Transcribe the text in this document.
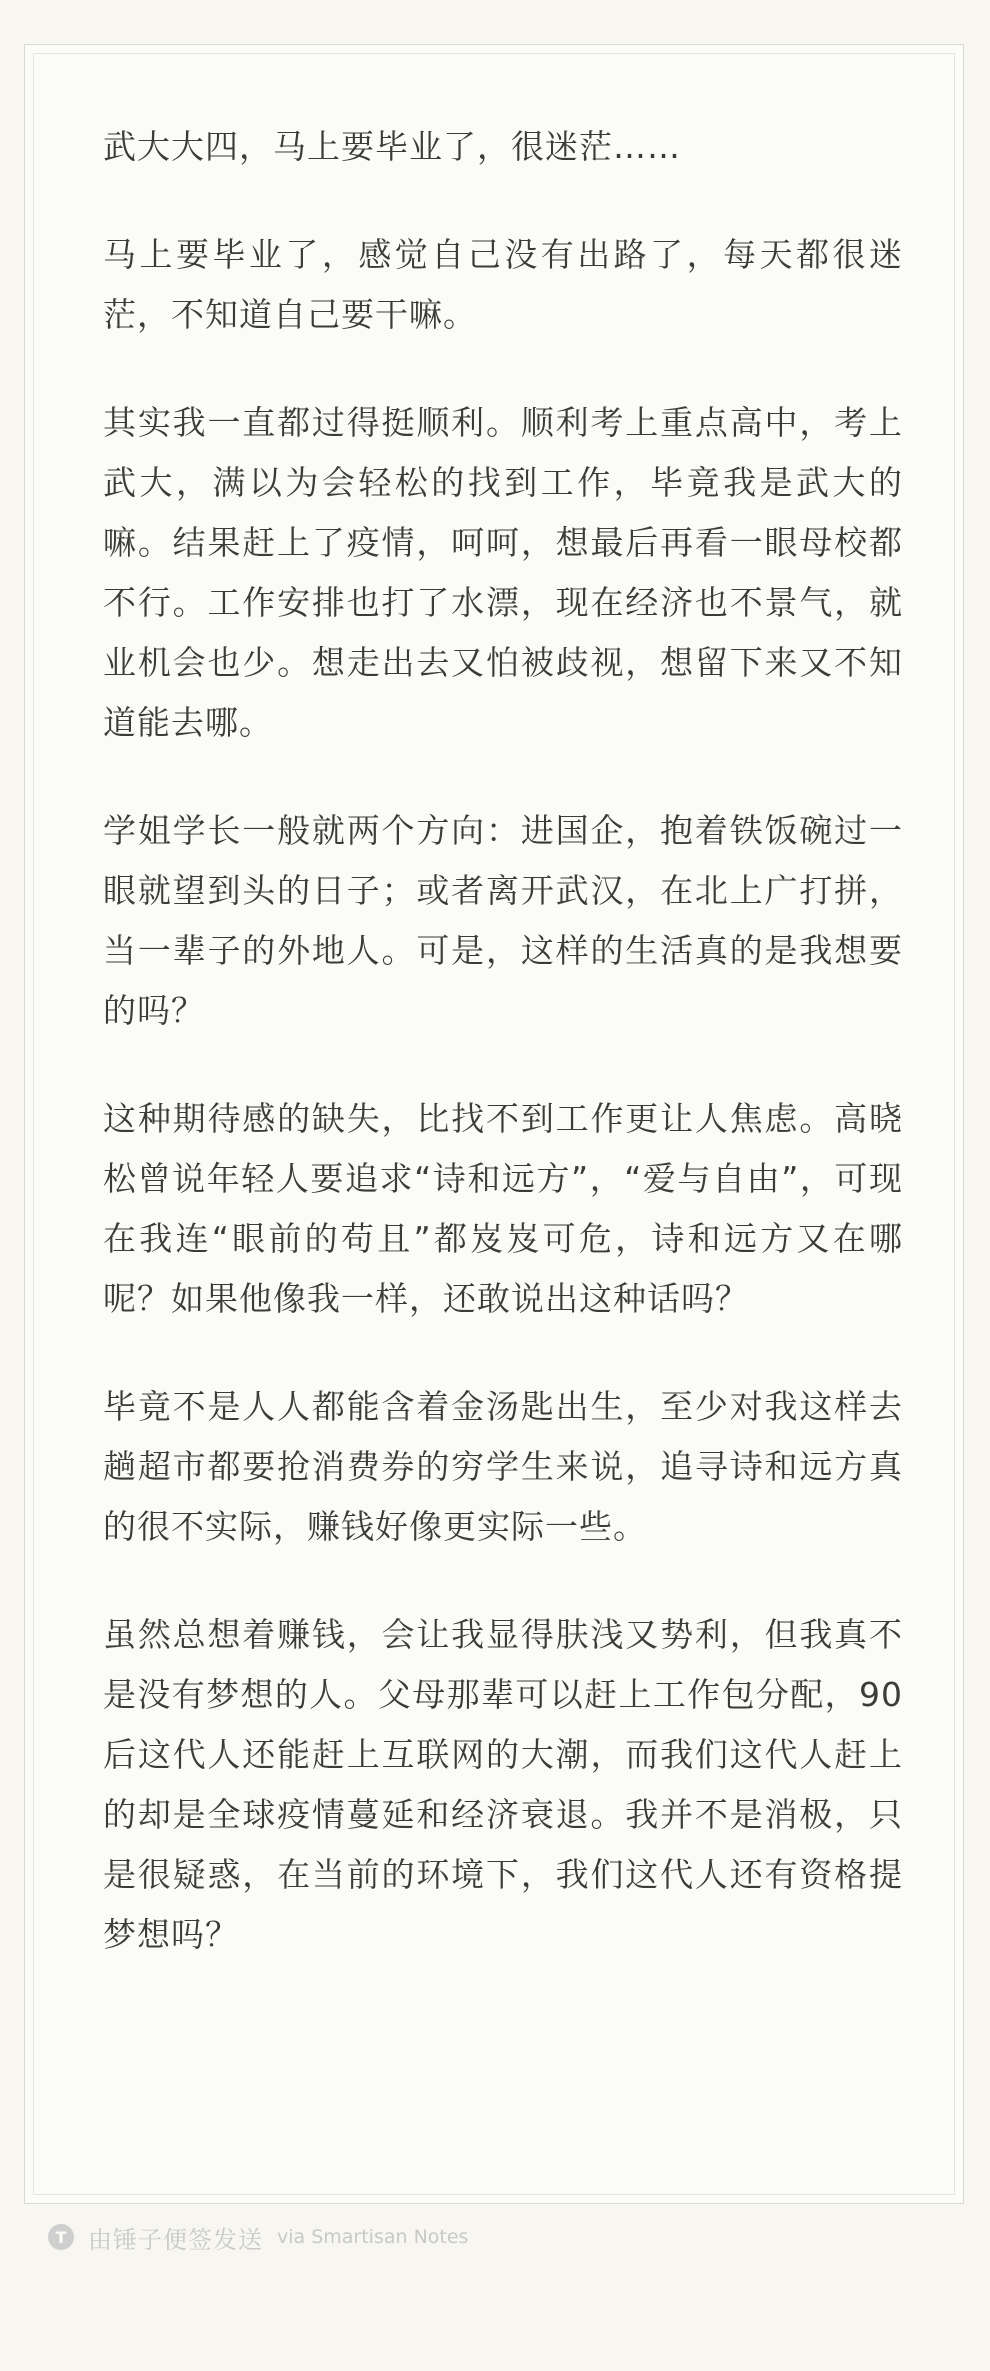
武大大四，马上要毕业了，很迷茫……

马上要毕业了，感觉自己没有出路了，每天都很迷茫，不知道自己要干嘛。

其实我一直都过得挺顺利。顺利考上重点高中，考上武大，满以为会轻松的找到工作，毕竟我是武大的嘛。结果赶上了疫情，呵呵，想最后再看一眼母校都不行。工作安排也打了水漂，现在经济也不景气，就业机会也少。想走出去又怕被歧视，想留下来又不知道能去哪。

学姐学长一般就两个方向：进国企，抱着铁饭碗过一眼就望到头的日子；或者离开武汉，在北上广打拼，当一辈子的外地人。可是，这样的生活真的是我想要的吗？

这种期待感的缺失，比找不到工作更让人焦虑。高晓松曾说年轻人要追求“诗和远方”，“爱与自由”，可现在我连“眼前的苟且”都岌岌可危，诗和远方又在哪呢？如果他像我一样，还敢说出这种话吗？

毕竟不是人人都能含着金汤匙出生，至少对我这样去趟超市都要抢消费券的穷学生来说，追寻诗和远方真的很不实际，赚钱好像更实际一些。

虽然总想着赚钱，会让我显得肤浅又势利，但我真不是没有梦想的人。父母那辈可以赶上工作包分配，90 后这代人还能赶上互联网的大潮，而我们这代人赶上的却是全球疫情蔓延和经济衰退。我并不是消极，只是很疑惑，在当前的环境下，我们这代人还有资格提梦想吗？

T 由锤子便签发送 via Smartisan Notes
